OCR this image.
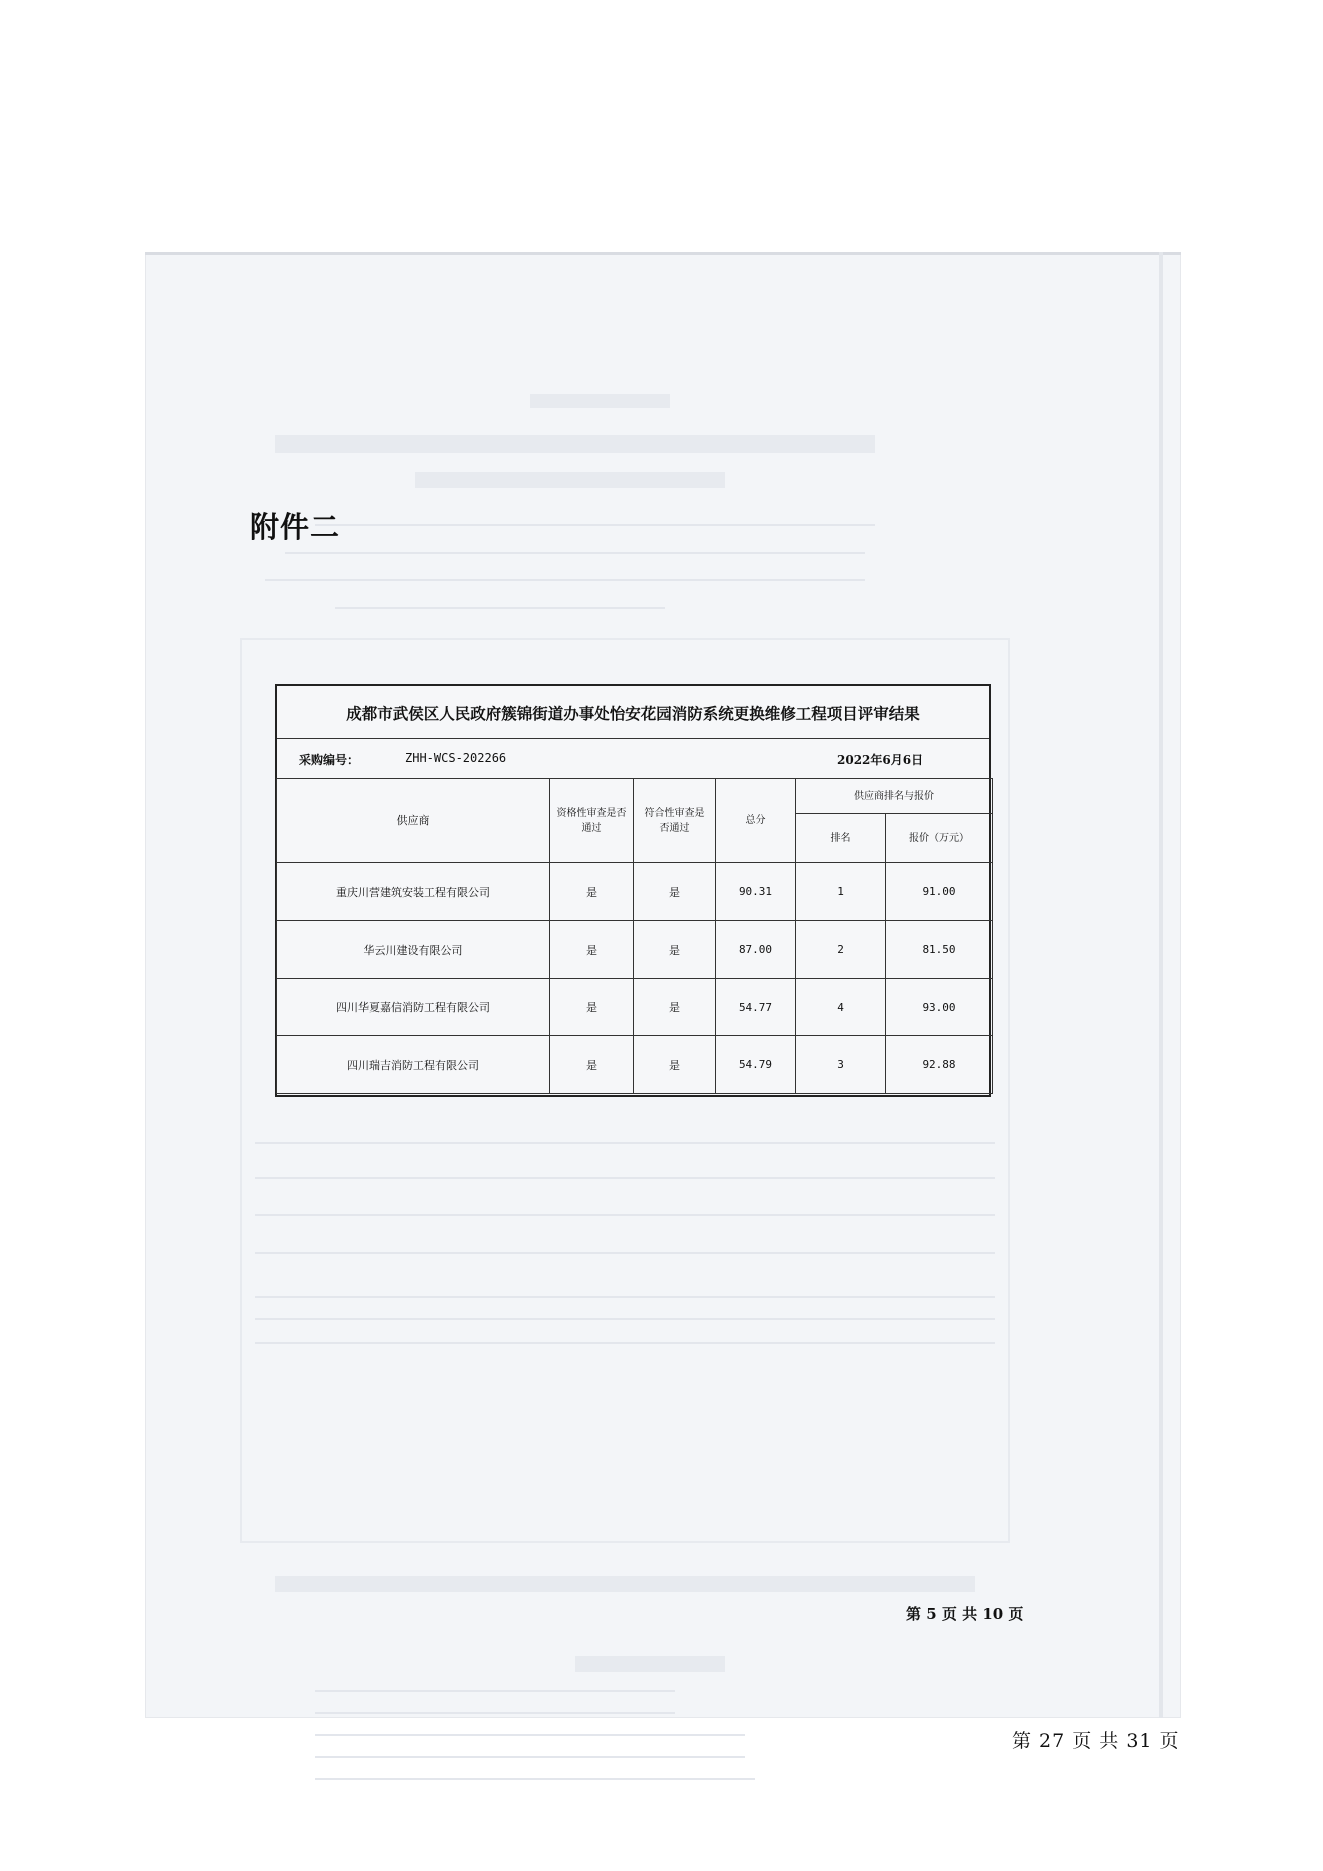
附件二
成都市武侯区人民政府簇锦街道办事处怡安花园消防系统更换维修工程项目评审结果
采购编号：	ZHH-WCS-202266	2022年6月6日
供应商	资格性审查是否通过	符合性审查是否通过	总分	供应商排名与报价	
				排名	报价（万元）
重庆川营建筑安装工程有限公司	是	是	90.31	1	91.00
华云川建设有限公司	是	是	87.00	2	81.50
四川华夏嘉信消防工程有限公司	是	是	54.77	4	93.00
四川瑞吉消防工程有限公司	是	是	54.79	3	92.88
第 5 页 共 10 页
第 27 页 共 31 页
